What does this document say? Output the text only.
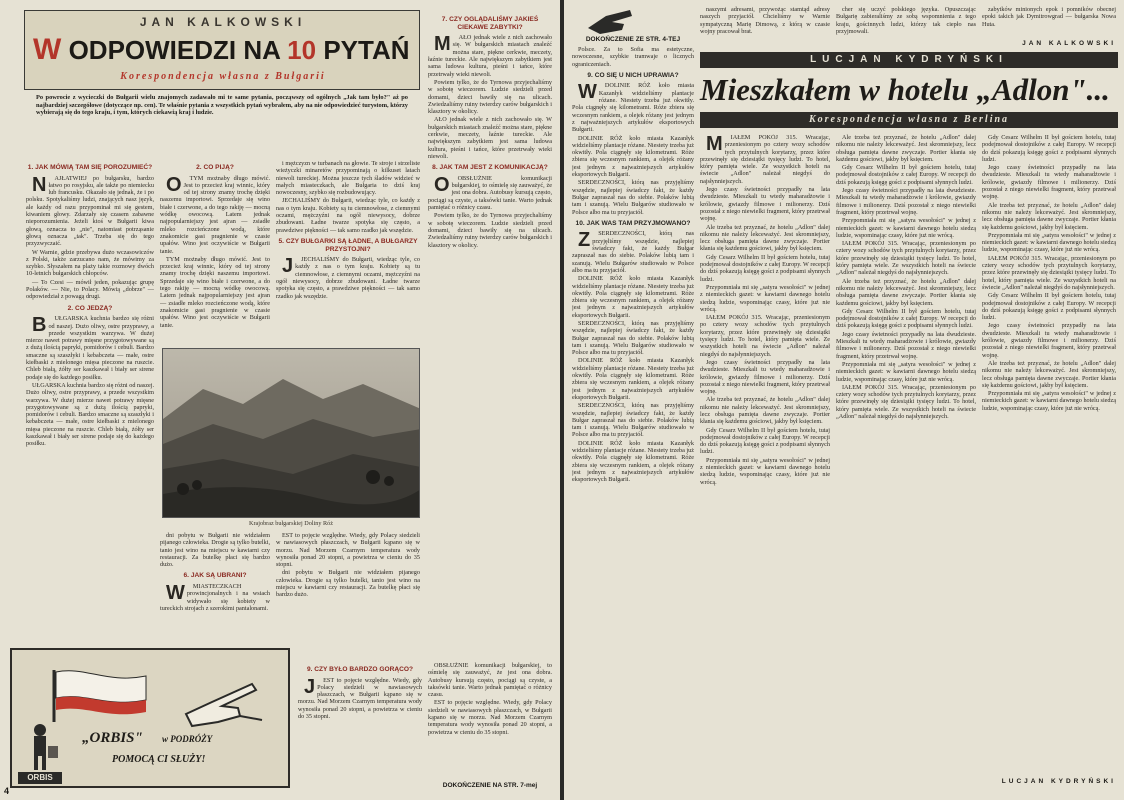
JAN KALKOWSKI
W ODPOWIEDZI NA 10 PYTAŃ
Korespondencja własna z Bułgarii
Po powrocie z wycieczki do Bułgarii wielu znajomych zadawało mi te same pytania, począwszy od ogólnych „Jak tam było?" aż po najbardziej szczegółowe (dotyczące np. cen). Te właśnie pytania z wszystkich pytań wybrałem, aby na nie odpowiedzieć turystom, którzy wybierają się do tego kraju, i tym, których ciekawią kraj i ludzie.
1. JAK MÓWIĄ TAM SIĘ POROZUMIEĆ?

N AJŁATWIEJ po bułgarsku, bardzo łatwo po rosyjsku, ale także po niemiecku lub francusku. Okazało się jednak, że i po polsku. Spotykaliśmy ludzi, znających nasz język, ale każdy od razu przypominał mi się gestem, kiwaniem głowy. Zdarzały się czasem zabawne nieporozumienia. Jeżeli ktoś w Bułgarii kiwa głową, oznacza to „nie", natomiast potrząsanie głową oznacza „tak". Trzeba się do tego przyzwyczaić.

W Warnie, gdzie przebywa dużo wczasowiczów z Polski, także zarzucano nam, że mówimy za szybko. Słyszałem na plaży takie rozmowy dwóch 10-letnich bułgarskich chłopców.

— To Czesi — mówił jeden, pokazując grupę Polaków. — Nie, to Polacy. Mówią „dobrze" — odpowiedział z powagą drugi.

2. CO JEDZĄ?

B UŁGARSKA kuchnia bardzo się różni od naszej. Dużo oliwy, ostre przyprawy, a przede wszystkim warzywa. W dużej mierze nawet potrawy mięsne przygotowywane są z dużą ilością papryki, pomidorów i cebuli. Bardzo smaczne są szaszłyki i kebabczeta — małe, ostre kiełbaski z mielonego mięsa pieczone na ruszcie. Chleb białą, żółty ser kaszkawał i biały ser sirene podaje się do każdego posiłku.

UŁGARSKA kuchnia bardzo się różni od naszej. Dużo oliwy, ostre przyprawy, a przede wszystkim warzywa. W dużej mierze nawet potrawy mięsne przygotowywane są z dużą ilością papryki, pomidorów i cebuli. Bardzo smaczne są szaszłyki i kebabczeta — małe, ostre kiełbaski z mielonego mięsa pieczone na ruszcie. Chleb białą, żółty ser kaszkawał i biały ser sirene podaje się do każdego posiłku.

2. CO PIJĄ?

O TYM możnaby długo mówić. Jest to przecież kraj winnic, który od tej strony znamy trochę dzięki naszemu importowi. Sprzedaje się wino białe i czerwone, a do tego rakiję — mocną wódkę owocową. Latem jednak najpopularniejszy jest ajran — zsiadłe mleko rozcieńczone wodą, które znakomicie gasi pragnienie w czasie upałów. Wino jest oczywiście w Bułgarii tanie.

TYM możnaby długo mówić. Jest to przecież kraj winnic, który od tej strony znamy trochę dzięki naszemu importowi. Sprzedaje się wino białe i czerwone, a do tego rakiję — mocną wódkę owocową. Latem jednak najpopularniejszy jest ajran — zsiadłe mleko rozcieńczone wodą, które znakomicie gasi pragnienie w czasie upałów. Wino jest oczywiście w Bułgarii tanie.

i mężczyzn w turbanach na głowie. Te stroje i strzeliste wieżyczki minaretów przypominają o kilkuset latach niewoli tureckiej. Można jeszcze tych śladów widzieć w małych miasteczkach, ale Bułgaria to dziś kraj nowoczesny, szybko się rozbudowujący.

JECHALIŚMY do Bułgarii, wiedząc tyle, co każdy z nas o tym kraju. Kobiety są tu ciemnowłose, z ciemnymi oczami, mężczyźni na ogół niewysocy, dobrze zbudowani. Ładne twarze spotyka się często, a prawdziwe piękności — tak samo rzadko jak wszędzie.

5. CZY BUŁGARKI SĄ ŁADNE, A BUŁGARZY PRZYSTOJNI?

J JECHALIŚMY do Bułgarii, wiedząc tyle, co każdy z nas o tym kraju. Kobiety są tu ciemnowłose, z ciemnymi oczami, mężczyźni na ogół niewysocy, dobrze zbudowani. Ładne twarze spotyka się często, a prawdziwe piękności — tak samo rzadko jak wszędzie.

Krajobraz bułgarskiej Doliny Róż

dni pobytu w Bułgarii nie widziałem pijanego człowieka. Drogie są tylko butelki, tanio jest wino na miejscu w kawiarni czy restauracji. Za butelkę płaci się bardzo dużo.

6. JAK SĄ UBRANI?

W MIASTECZKACH prowincjonalnych i na wsiach widywało się kobiety w tureckich strojach z szerokimi pantalonami.

EST to pojęcie względne. Wiedy, gdy Polacy siedzieli w nawiasowych płaszczach, w Bułgarii kąpano się w morzu. Nad Morzem Czarnym temperatura wody wynosiła ponad 20 stopni, a powietrza w cieniu do 35 stopni.

dni pobytu w Bułgarii nie widziałem pijanego człowieka. Drogie są tylko butelki, tanio jest wino na miejscu w kawiarni czy restauracji. Za butelkę płaci się bardzo dużo.

7. CZY OGLĄDALIŚMY JAKIEŚ CIEKAWE ZABYTKI?

M AŁO jednak wiele z nich zachowało się. W bułgarskich miastach znaleźć można stare, piękne cerkwie, meczety, łaźnie tureckie. Ale największym zabytkiem jest sama ludowa kultura, pieśni i tańce, które przetrwały wieki niewoli.

Powiem tylko, że do Tyrnowa przyjechaliśmy w sobotę wieczorem. Ludzie siedzieli przed domami, dzieci bawiły się na ulicach. Zwiedzaliśmy ruiny twierdzy carów bułgarskich i klasztory w okolicy.

AŁO jednak wiele z nich zachowało się. W bułgarskich miastach znaleźć można stare, piękne cerkwie, meczety, łaźnie tureckie. Ale największym zabytkiem jest sama ludowa kultura, pieśni i tańce, które przetrwały wieki niewoli.

8. JAK TAM JEST Z KOMUNIKACJĄ?

O OBSŁUŻNIE komunikacji bułgarskiej, to ośmielę się zauważyć, że jest ona dobra. Autobusy kursują często, pociągi są czyste, a taksówki tanie. Warto jednak pamiętać o różnicy czasu.

Powiem tylko, że do Tyrnowa przyjechaliśmy w sobotę wieczorem. Ludzie siedzieli przed domami, dzieci bawiły się na ulicach. Zwiedzaliśmy ruiny twierdzy carów bułgarskich i klasztory w okolicy.

9. CZY BYŁO BARDZO GORĄCO?

J EST to pojęcie względne. Wiedy, gdy Polacy siedzieli w nawiasowych płaszczach, w Bułgarii kąpano się w morzu. Nad Morzem Czarnym temperatura wody wynosiła ponad 20 stopni, a powietrza w cieniu do 35 stopni.

OBSŁUŻNIE komunikacji bułgarskiej, to ośmielę się zauważyć, że jest ona dobra. Autobusy kursują często, pociągi są czyste, a taksówki tanie. Warto jednak pamiętać o różnicy czasu.

EST to pojęcie względne. Wiedy, gdy Polacy siedzieli w nawiasowych płaszczach, w Bułgarii kąpano się w morzu. Nad Morzem Czarnym temperatura wody wynosiła ponad 20 stopni, a powietrza w cieniu do 35 stopni.

DOKOŃCZENIE NA STR. 7-mej
„ORBIS" w PODRÓŻY
POMOCĄ CI SŁUŻY!
ORBIS
4
DOKOŃCZENIE ZE STR. 4-TEJ

Polsce. Za to Sofia ma estetyczne, nowoczesne, szybkie tramwaje o licznych ograniczeniach.

9. CO SIĘ U NICH UPRAWIA?

W DOLINIE RÓŻ koło miasta Kazanłyk widzieliśmy plantacje różane. Niestety trzeba już okwitły. Pola ciągnęły się kilometrami. Róże zbiera się wczesnym rankiem, a olejek różany jest jednym z najważniejszych artykułów eksportowych Bułgarii.

DOLINIE RÓŻ koło miasta Kazanłyk widzieliśmy plantacje różane. Niestety trzeba już okwitły. Pola ciągnęły się kilometrami. Róże zbiera się wczesnym rankiem, a olejek różany jest jednym z najważniejszych artykułów eksportowych Bułgarii.

SERDECZNOŚCI, którą nas przyjęliśmy wszędzie, najlepiej świadczy fakt, że każdy Bułgar zapraszał nas do siebie. Polaków lubią tam i szanują. Wielu Bułgarów studiowało w Polsce albo ma tu przyjaciół.

10. JAK WAS TAM PRZYJMOWANO?

Z SERDECZNOŚCI, którą nas przyjęliśmy wszędzie, najlepiej świadczy fakt, że każdy Bułgar zapraszał nas do siebie. Polaków lubią tam i szanują. Wielu Bułgarów studiowało w Polsce albo ma tu przyjaciół.

DOLINIE RÓŻ koło miasta Kazanłyk widzieliśmy plantacje różane. Niestety trzeba już okwitły. Pola ciągnęły się kilometrami. Róże zbiera się wczesnym rankiem, a olejek różany jest jednym z najważniejszych artykułów eksportowych Bułgarii.

SERDECZNOŚCI, którą nas przyjęliśmy wszędzie, najlepiej świadczy fakt, że każdy Bułgar zapraszał nas do siebie. Polaków lubią tam i szanują. Wielu Bułgarów studiowało w Polsce albo ma tu przyjaciół.

DOLINIE RÓŻ koło miasta Kazanłyk widzieliśmy plantacje różane. Niestety trzeba już okwitły. Pola ciągnęły się kilometrami. Róże zbiera się wczesnym rankiem, a olejek różany jest jednym z najważniejszych artykułów eksportowych Bułgarii.

SERDECZNOŚCI, którą nas przyjęliśmy wszędzie, najlepiej świadczy fakt, że każdy Bułgar zapraszał nas do siebie. Polaków lubią tam i szanują. Wielu Bułgarów studiowało w Polsce albo ma tu przyjaciół.

DOLINIE RÓŻ koło miasta Kazanłyk widzieliśmy plantacje różane. Niestety trzeba już okwitły. Pola ciągnęły się kilometrami. Róże zbiera się wczesnym rankiem, a olejek różany jest jednym z najważniejszych artykułów eksportowych Bułgarii.

naszymi adresami, przywożąc stamtąd adresy naszych przyjaciół. Chcieliśmy w Warnie sympatyczną Marię Dimową, z którą w czasie wojny pracował brat.

cher się uczyć polskiego języka. Opuszczając Bułgarię zabieraliśmy ze sobą wspomnienia z tego kraju, gościnnych ludzi, którzy tak ciepło nas przyjmowali.

zabytków minionych epok i pomników obecnej epoki takich jak Dymitrowgrad — bułgarska Nowa Huta.

JAN KALKOWSKI
LUCJAN KYDRYŃSKI
Mieszkałem w hotelu „Adlon"...
Korespondencja własna z Berlina

M IAŁEM POKÓJ 315. Wracając, przeniesionym po cztery wozy schodów tych przytulnych korytarzy, przez które przewinęły się dziesiątki tysięcy ludzi. To hotel, który pamięta wiele. Ze wszystkich hoteli na świecie „Adlon" należał niegdyś do najsłynniejszych.

Jego czasy świetności przypadły na lata dwudzieste. Mieszkali tu wtedy maharadżowie i królowie, gwiazdy filmowe i milionerzy. Dziś pozostał z niego niewielki fragment, który przetrwał wojnę.

Ale trzeba też przyznać, że hotelu „Adlon" dalej nikomu nie należy lekceważyć. Jest skromniejszy, lecz obsługa pamięta dawne zwyczaje. Portier kłania się każdemu gościowi, jakby był księciem.

Gdy Cesarz Wilhelm II był gościem hotelu, tutaj podejmował dostojników z całej Europy. W recepcji do dziś pokazują księgę gości z podpisami słynnych ludzi.

Przypomniała mi się „satyra wesołości" w jednej z niemieckich gazet: w kawiarni dawnego hotelu siedzą ludzie, wspominając czasy, które już nie wrócą.

IAŁEM POKÓJ 315. Wracając, przeniesionym po cztery wozy schodów tych przytulnych korytarzy, przez które przewinęły się dziesiątki tysięcy ludzi. To hotel, który pamięta wiele. Ze wszystkich hoteli na świecie „Adlon" należał niegdyś do najsłynniejszych.

Jego czasy świetności przypadły na lata dwudzieste. Mieszkali tu wtedy maharadżowie i królowie, gwiazdy filmowe i milionerzy. Dziś pozostał z niego niewielki fragment, który przetrwał wojnę.

Ale trzeba też przyznać, że hotelu „Adlon" dalej nikomu nie należy lekceważyć. Jest skromniejszy, lecz obsługa pamięta dawne zwyczaje. Portier kłania się każdemu gościowi, jakby był księciem.

Gdy Cesarz Wilhelm II był gościem hotelu, tutaj podejmował dostojników z całej Europy. W recepcji do dziś pokazują księgę gości z podpisami słynnych ludzi.

Przypomniała mi się „satyra wesołości" w jednej z niemieckich gazet: w kawiarni dawnego hotelu siedzą ludzie, wspominając czasy, które już nie wrócą.

Ale trzeba też przyznać, że hotelu „Adlon" dalej nikomu nie należy lekceważyć. Jest skromniejszy, lecz obsługa pamięta dawne zwyczaje. Portier kłania się każdemu gościowi, jakby był księciem.

Gdy Cesarz Wilhelm II był gościem hotelu, tutaj podejmował dostojników z całej Europy. W recepcji do dziś pokazują księgę gości z podpisami słynnych ludzi.

Jego czasy świetności przypadły na lata dwudzieste. Mieszkali tu wtedy maharadżowie i królowie, gwiazdy filmowe i milionerzy. Dziś pozostał z niego niewielki fragment, który przetrwał wojnę.

Przypomniała mi się „satyra wesołości" w jednej z niemieckich gazet: w kawiarni dawnego hotelu siedzą ludzie, wspominając czasy, które już nie wrócą.

IAŁEM POKÓJ 315. Wracając, przeniesionym po cztery wozy schodów tych przytulnych korytarzy, przez które przewinęły się dziesiątki tysięcy ludzi. To hotel, który pamięta wiele. Ze wszystkich hoteli na świecie „Adlon" należał niegdyś do najsłynniejszych.

Ale trzeba też przyznać, że hotelu „Adlon" dalej nikomu nie należy lekceważyć. Jest skromniejszy, lecz obsługa pamięta dawne zwyczaje. Portier kłania się każdemu gościowi, jakby był księciem.

Gdy Cesarz Wilhelm II był gościem hotelu, tutaj podejmował dostojników z całej Europy. W recepcji do dziś pokazują księgę gości z podpisami słynnych ludzi.

Jego czasy świetności przypadły na lata dwudzieste. Mieszkali tu wtedy maharadżowie i królowie, gwiazdy filmowe i milionerzy. Dziś pozostał z niego niewielki fragment, który przetrwał wojnę.

Przypomniała mi się „satyra wesołości" w jednej z niemieckich gazet: w kawiarni dawnego hotelu siedzą ludzie, wspominając czasy, które już nie wrócą.

IAŁEM POKÓJ 315. Wracając, przeniesionym po cztery wozy schodów tych przytulnych korytarzy, przez które przewinęły się dziesiątki tysięcy ludzi. To hotel, który pamięta wiele. Ze wszystkich hoteli na świecie „Adlon" należał niegdyś do najsłynniejszych.

Gdy Cesarz Wilhelm II był gościem hotelu, tutaj podejmował dostojników z całej Europy. W recepcji do dziś pokazują księgę gości z podpisami słynnych ludzi.

Jego czasy świetności przypadły na lata dwudzieste. Mieszkali tu wtedy maharadżowie i królowie, gwiazdy filmowe i milionerzy. Dziś pozostał z niego niewielki fragment, który przetrwał wojnę.

Ale trzeba też przyznać, że hotelu „Adlon" dalej nikomu nie należy lekceważyć. Jest skromniejszy, lecz obsługa pamięta dawne zwyczaje. Portier kłania się każdemu gościowi, jakby był księciem.

Przypomniała mi się „satyra wesołości" w jednej z niemieckich gazet: w kawiarni dawnego hotelu siedzą ludzie, wspominając czasy, które już nie wrócą.

IAŁEM POKÓJ 315. Wracając, przeniesionym po cztery wozy schodów tych przytulnych korytarzy, przez które przewinęły się dziesiątki tysięcy ludzi. To hotel, który pamięta wiele. Ze wszystkich hoteli na świecie „Adlon" należał niegdyś do najsłynniejszych.

Gdy Cesarz Wilhelm II był gościem hotelu, tutaj podejmował dostojników z całej Europy. W recepcji do dziś pokazują księgę gości z podpisami słynnych ludzi.

Jego czasy świetności przypadły na lata dwudzieste. Mieszkali tu wtedy maharadżowie i królowie, gwiazdy filmowe i milionerzy. Dziś pozostał z niego niewielki fragment, który przetrwał wojnę.

Ale trzeba też przyznać, że hotelu „Adlon" dalej nikomu nie należy lekceważyć. Jest skromniejszy, lecz obsługa pamięta dawne zwyczaje. Portier kłania się każdemu gościowi, jakby był księciem.

Przypomniała mi się „satyra wesołości" w jednej z niemieckich gazet: w kawiarni dawnego hotelu siedzą ludzie, wspominając czasy, które już nie wrócą.

LUCJAN KYDRYŃSKI
